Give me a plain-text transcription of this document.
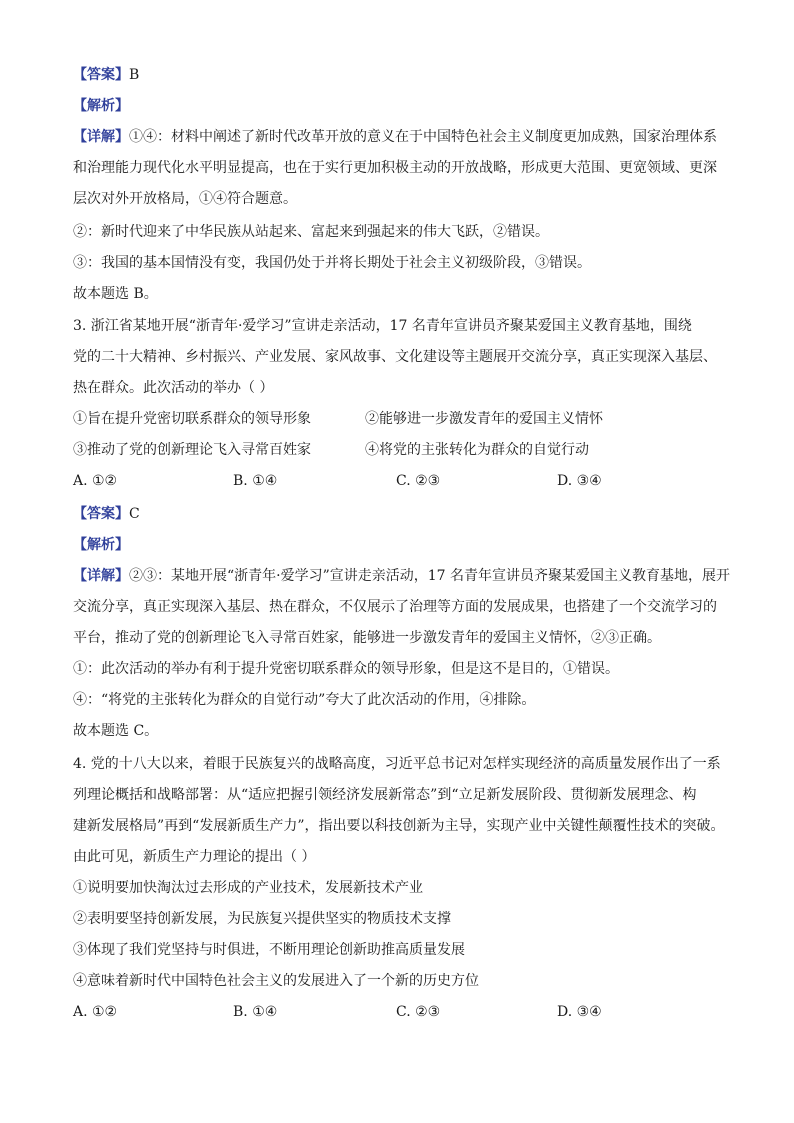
【答案】B
【解析】
【详解】①④：材料中阐述了新时代改革开放的意义在于中国特色社会主义制度更加成熟，国家治理体系
和治理能力现代化水平明显提高，也在于实行更加积极主动的开放战略，形成更大范围、更宽领域、更深
层次对外开放格局，①④符合题意。
②：新时代迎来了中华民族从站起来、富起来到强起来的伟大飞跃，②错误。
③：我国的基本国情没有变，我国仍处于并将长期处于社会主义初级阶段，③错误。
故本题选 B。
3. 浙江省某地开展“浙青年·爱学习”宣讲走亲活动，17 名青年宣讲员齐聚某爱国主义教育基地，围绕
党的二十大精神、乡村振兴、产业发展、家风故事、文化建设等主题展开交流分享，真正实现深入基层、
热在群众。此次活动的举办（ ）
①旨在提升党密切联系群众的领导形象	②能够进一步激发青年的爱国主义情怀
③推动了党的创新理论飞入寻常百姓家	④将党的主张转化为群众的自觉行动
A. ①②	B. ①④	C. ②③	D. ③④
【答案】C
【解析】
【详解】②③：某地开展“浙青年·爱学习”宣讲走亲活动，17 名青年宣讲员齐聚某爱国主义教育基地，展开
交流分享，真正实现深入基层、热在群众，不仅展示了治理等方面的发展成果，也搭建了一个交流学习的
平台，推动了党的创新理论飞入寻常百姓家，能够进一步激发青年的爱国主义情怀，②③正确。
①：此次活动的举办有利于提升党密切联系群众的领导形象，但是这不是目的，①错误。
④：“将党的主张转化为群众的自觉行动”夸大了此次活动的作用，④排除。
故本题选 C。
4. 党的十八大以来，着眼于民族复兴的战略高度，习近平总书记对怎样实现经济的高质量发展作出了一系
列理论概括和战略部署：从“适应把握引领经济发展新常态”到“立足新发展阶段、贯彻新发展理念、构
建新发展格局”再到“发展新质生产力”，指出要以科技创新为主导，实现产业中关键性颠覆性技术的突破。
由此可见，新质生产力理论的提出（ ）
①说明要加快淘汰过去形成的产业技术，发展新技术产业
②表明要坚持创新发展，为民族复兴提供坚实的物质技术支撑
③体现了我们党坚持与时俱进，不断用理论创新助推高质量发展
④意味着新时代中国特色社会主义的发展进入了一个新的历史方位
A. ①②	B. ①④	C. ②③	D. ③④
